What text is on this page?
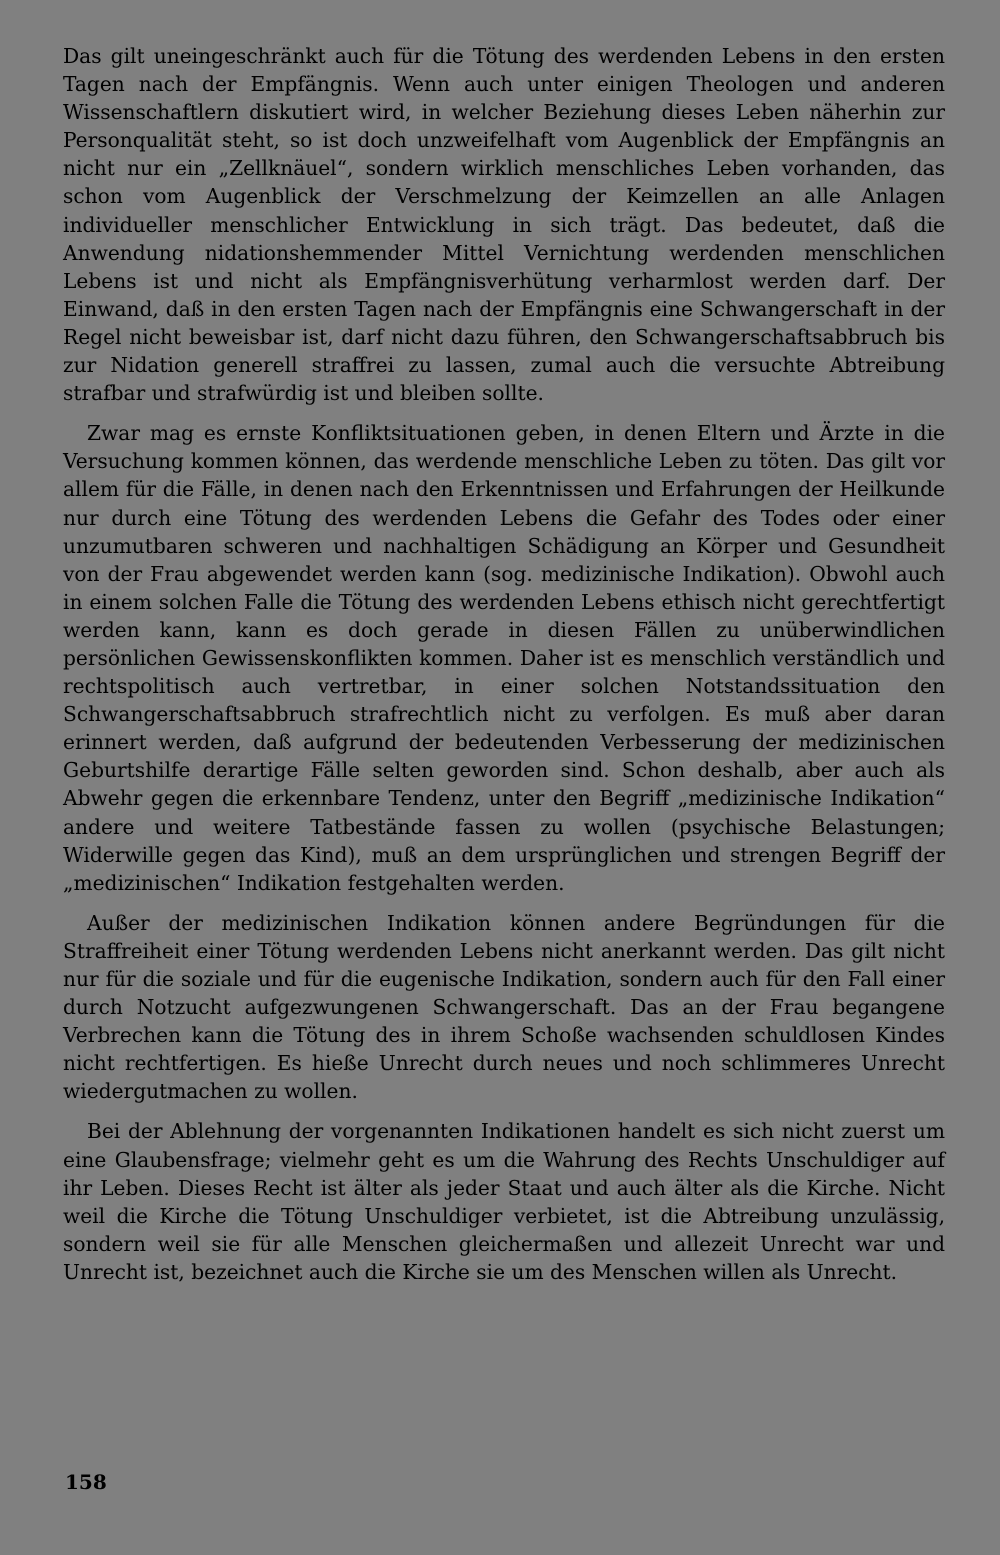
Das gilt uneingeschränkt auch für die Tötung des werdenden Lebens in den ersten Tagen nach der Empfängnis. Wenn auch unter einigen Theologen und anderen Wissenschaftlern diskutiert wird, in welcher Beziehung dieses Leben näherhin zur Personqualität steht, so ist doch unzweifelhaft vom Augenblick der Empfängnis an nicht nur ein „Zellknäuel“, sondern wirklich menschliches Leben vorhanden, das schon vom Augenblick der Verschmelzung der Keimzellen an alle Anlagen individueller menschlicher Entwicklung in sich trägt. Das bedeutet, daß die Anwendung nidationshemmender Mittel Vernichtung werdenden menschlichen Lebens ist und nicht als Empfängnisverhütung verharmlost werden darf. Der Einwand, daß in den ersten Tagen nach der Empfängnis eine Schwangerschaft in der Regel nicht beweisbar ist, darf nicht dazu führen, den Schwangerschaftsabbruch bis zur Nidation generell straffrei zu lassen, zumal auch die versuchte Abtreibung strafbar und strafwürdig ist und bleiben sollte.

Zwar mag es ernste Konfliktsituationen geben, in denen Eltern und Ärzte in die Versuchung kommen können, das werdende menschliche Leben zu töten. Das gilt vor allem für die Fälle, in denen nach den Erkenntnissen und Erfahrungen der Heilkunde nur durch eine Tötung des werdenden Lebens die Gefahr des Todes oder einer unzumutbaren schweren und nachhaltigen Schädigung an Körper und Gesundheit von der Frau abgewendet werden kann (sog. medizinische Indikation). Obwohl auch in einem solchen Falle die Tötung des werdenden Lebens ethisch nicht gerechtfertigt werden kann, kann es doch gerade in diesen Fällen zu unüberwindlichen persönlichen Gewissenskonflikten kommen. Daher ist es menschlich verständlich und rechtspolitisch auch vertretbar, in einer solchen Notstandssituation den Schwangerschaftsabbruch strafrechtlich nicht zu verfolgen. Es muß aber daran erinnert werden, daß aufgrund der bedeutenden Verbesserung der medizinischen Geburtshilfe derartige Fälle selten geworden sind. Schon deshalb, aber auch als Abwehr gegen die erkennbare Tendenz, unter den Begriff „medizinische Indikation“ andere und weitere Tatbestände fassen zu wollen (psychische Belastungen; Widerwille gegen das Kind), muß an dem ursprünglichen und strengen Begriff der „medizinischen“ Indikation festgehalten werden.

Außer der medizinischen Indikation können andere Begründungen für die Straffreiheit einer Tötung werdenden Lebens nicht anerkannt werden. Das gilt nicht nur für die soziale und für die eugenische Indikation, sondern auch für den Fall einer durch Notzucht aufgezwungenen Schwangerschaft. Das an der Frau begangene Verbrechen kann die Tötung des in ihrem Schoße wachsenden schuldlosen Kindes nicht rechtfertigen. Es hieße Unrecht durch neues und noch schlimmeres Unrecht wiedergutmachen zu wollen.

Bei der Ablehnung der vorgenannten Indikationen handelt es sich nicht zuerst um eine Glaubensfrage; vielmehr geht es um die Wahrung des Rechts Unschuldiger auf ihr Leben. Dieses Recht ist älter als jeder Staat und auch älter als die Kirche. Nicht weil die Kirche die Tötung Unschuldiger verbietet, ist die Abtreibung unzulässig, sondern weil sie für alle Menschen gleichermaßen und allezeit Unrecht war und Unrecht ist, bezeichnet auch die Kirche sie um des Menschen willen als Unrecht.

158
